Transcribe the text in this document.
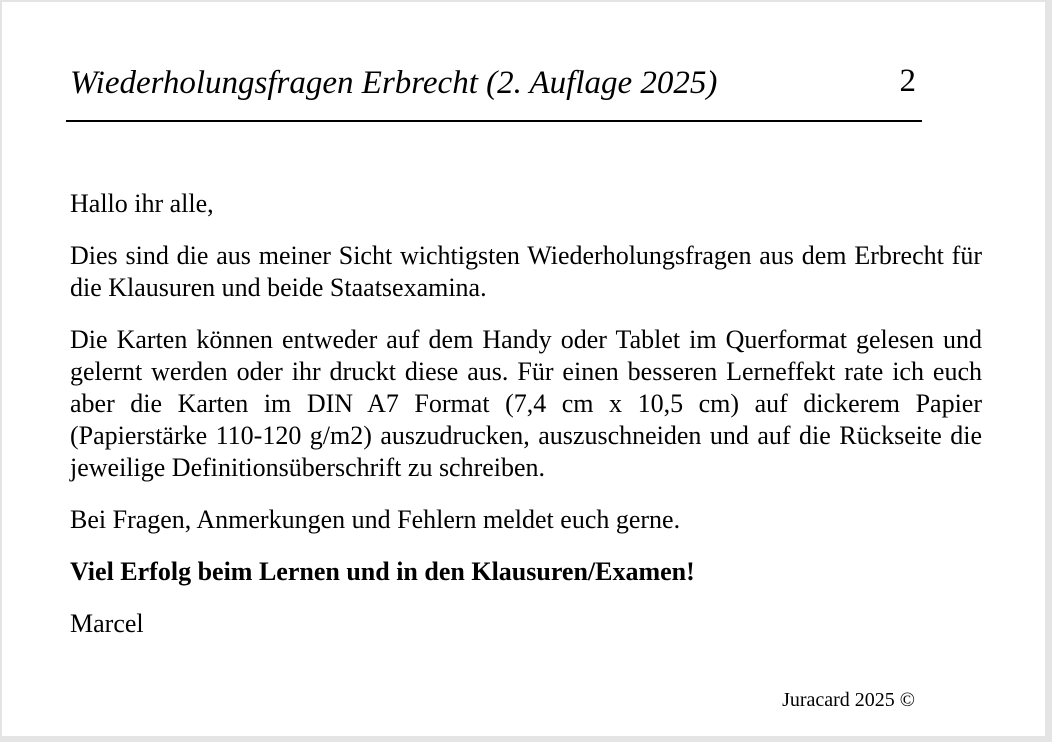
Wiederholungsfragen Erbrecht (2. Auflage 2025)	2

Hallo ihr alle,

Dies sind die aus meiner Sicht wichtigsten Wiederholungsfragen aus dem Erbrecht für die Klausuren und beide Staatsexamina.

Die Karten können entweder auf dem Handy oder Tablet im Querformat gelesen und gelernt werden oder ihr druckt diese aus. Für einen besseren Lerneffekt rate ich euch aber die Karten im DIN A7 Format (7,4 cm x 10,5 cm) auf dickerem Papier (Papierstärke 110-120 g/m2) auszudrucken, auszuschneiden und auf die Rückseite die jeweilige Definitionsüberschrift zu schreiben.

Bei Fragen, Anmerkungen und Fehlern meldet euch gerne.

Viel Erfolg beim Lernen und in den Klausuren/Examen!

Marcel

Juracard 2025 ©
